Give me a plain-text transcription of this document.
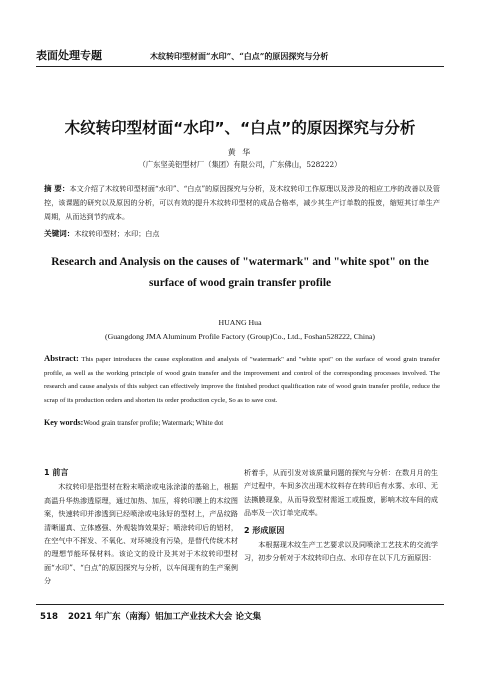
表面处理专题	木纹转印型材面“水印”、“白点”的原因探究与分析
木纹转印型材面“水印”、“白点”的原因探究与分析
黄 华
（广东坚美铝型材厂（集团）有限公司，广东佛山，528222）
摘 要：本文介绍了木纹转印型材面“水印”、“白点”的原因探究与分析，及木纹转印工作原理以及涉及的相应工序的改善以及管控，该课题的研究以及原因的分析，可以有效的提升木纹转印型材的成品合格率，减少其生产订单数的报废，缩短其订单生产周期，从而达到节约成本。
关键词：木纹转印型材；水印；白点
Research and Analysis on the causes of "watermark" and "white spot" on the surface of wood grain transfer profile
HUANG Hua
(Guangdong JMA Aluminum Profile Factory (Group)Co., Ltd., Foshan528222, China)
Abstract: This paper introduces the cause exploration and analysis of "watermark" and "white spot" on the surface of wood grain transfer profile, as well as the working principle of wood grain transfer and the improvement and control of the corresponding processes involved. The research and cause analysis of this subject can effectively improve the finished product qualification rate of wood grain transfer profile, reduce the scrap of its production orders and shorten its order production cycle, So as to save cost.
Key words:Wood grain transfer profile; Watermark; White dot
1 前言

木纹转印是指型材在粉末喷涂或电泳涂漆的基础上，根据高温升华热渗透原理，通过加热、加压，将转印膜上的木纹图案，快速转印并渗透到已经喷涂或电泳好的型材上，产品纹路清晰逼真、立体感强、外观装饰效果好；喷涂转印后的铝材，在空气中不挥发、不氧化、对环境没有污染，是替代传统木材的理想节能环保材料。该论文的设计及其对于木纹转印型材面“水印”、“白点”的原因探究与分析，以车间现有的生产案例分

析着手，从而引发对该质量问题的探究与分析：在数月月的生产过程中，车间多次出现木纹料存在转印后有水雾、水印、无法撕膜现象，从而导致型材需返工或报废，影响木纹车间的成品率及一次订单完成率。

2 形成原因

本根据现木纹生产工艺要求以及同喷涂工艺技术的交流学习，初步分析对于木纹转印白点、水印存在以下几方面原因：

518 2021 年广东（南海）铝加工产业技术大会 论文集
